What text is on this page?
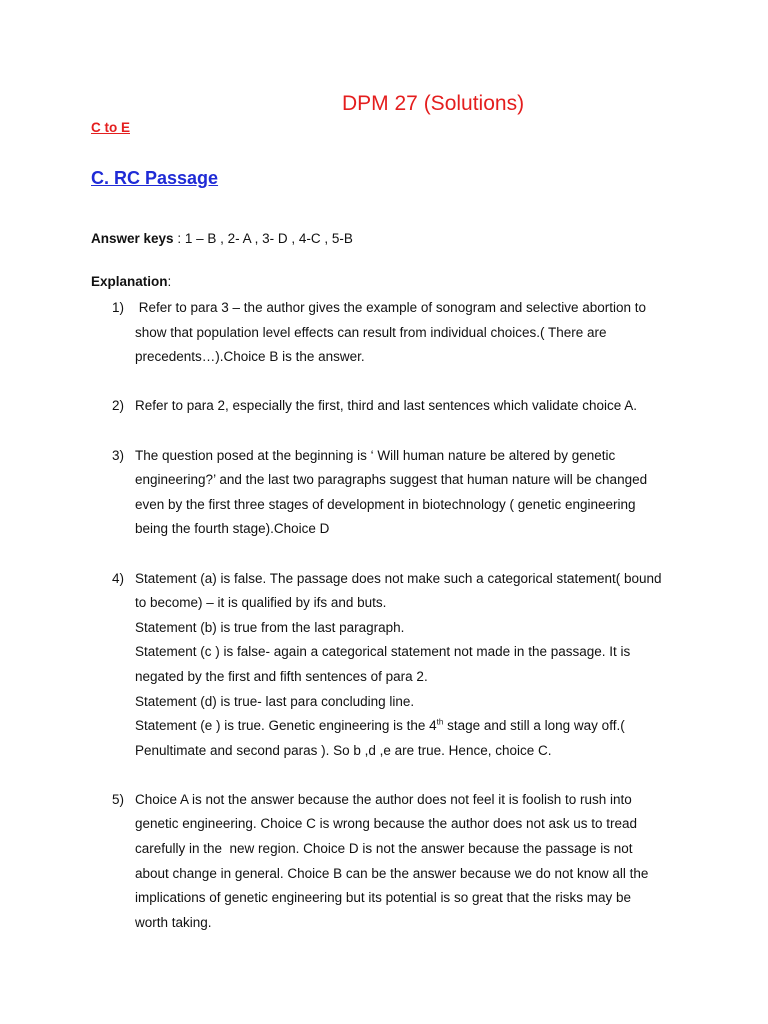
DPM 27 (Solutions)
C to E
C. RC Passage
Answer keys : 1 – B , 2- A , 3- D , 4-C , 5-B
Explanation:
1) Refer to para 3 – the author gives the example of sonogram and selective abortion to
show that population level effects can result from individual choices.( There are
precedents…).Choice B is the answer.
2) Refer to para 2, especially the first, third and last sentences which validate choice A.
3) The question posed at the beginning is ‘ Will human nature be altered by genetic
engineering?’ and the last two paragraphs suggest that human nature will be changed
even by the first three stages of development in biotechnology ( genetic engineering
being the fourth stage).Choice D
4) Statement (a) is false. The passage does not make such a categorical statement( bound
to become) – it is qualified by ifs and buts.
Statement (b) is true from the last paragraph.
Statement (c ) is false- again a categorical statement not made in the passage. It is
negated by the first and fifth sentences of para 2.
Statement (d) is true- last para concluding line.
Statement (e ) is true. Genetic engineering is the 4th stage and still a long way off.(
Penultimate and second paras ). So b ,d ,e are true. Hence, choice C.
5) Choice A is not the answer because the author does not feel it is foolish to rush into
genetic engineering. Choice C is wrong because the author does not ask us to tread
carefully in the  new region. Choice D is not the answer because the passage is not
about change in general. Choice B can be the answer because we do not know all the
implications of genetic engineering but its potential is so great that the risks may be
worth taking.
